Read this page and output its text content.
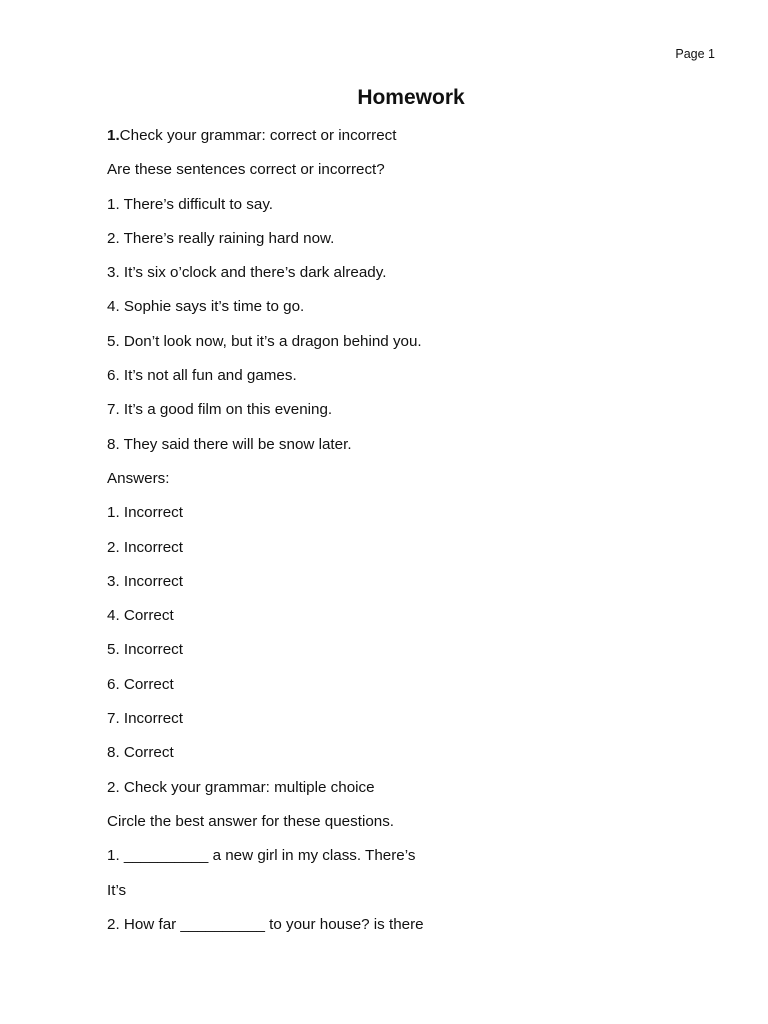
Page 1
Homework
1.Check your grammar: correct or incorrect
Are these sentences correct or incorrect?
1. There’s difficult to say.
2. There’s really raining hard now.
3. It’s six o’clock and there’s dark already.
4. Sophie says it’s time to go.
5. Don’t look now, but it’s a dragon behind you.
6. It’s not all fun and games.
7. It’s a good film on this evening.
8. They said there will be snow later.
Answers:
1. Incorrect
2. Incorrect
3. Incorrect
4. Correct
5. Incorrect
6. Correct
7. Incorrect
8. Correct
2. Check your grammar: multiple choice
Circle the best answer for these questions.
1. __________ a new girl in my class. There’s
It’s
2. How far __________ to your house? is there
